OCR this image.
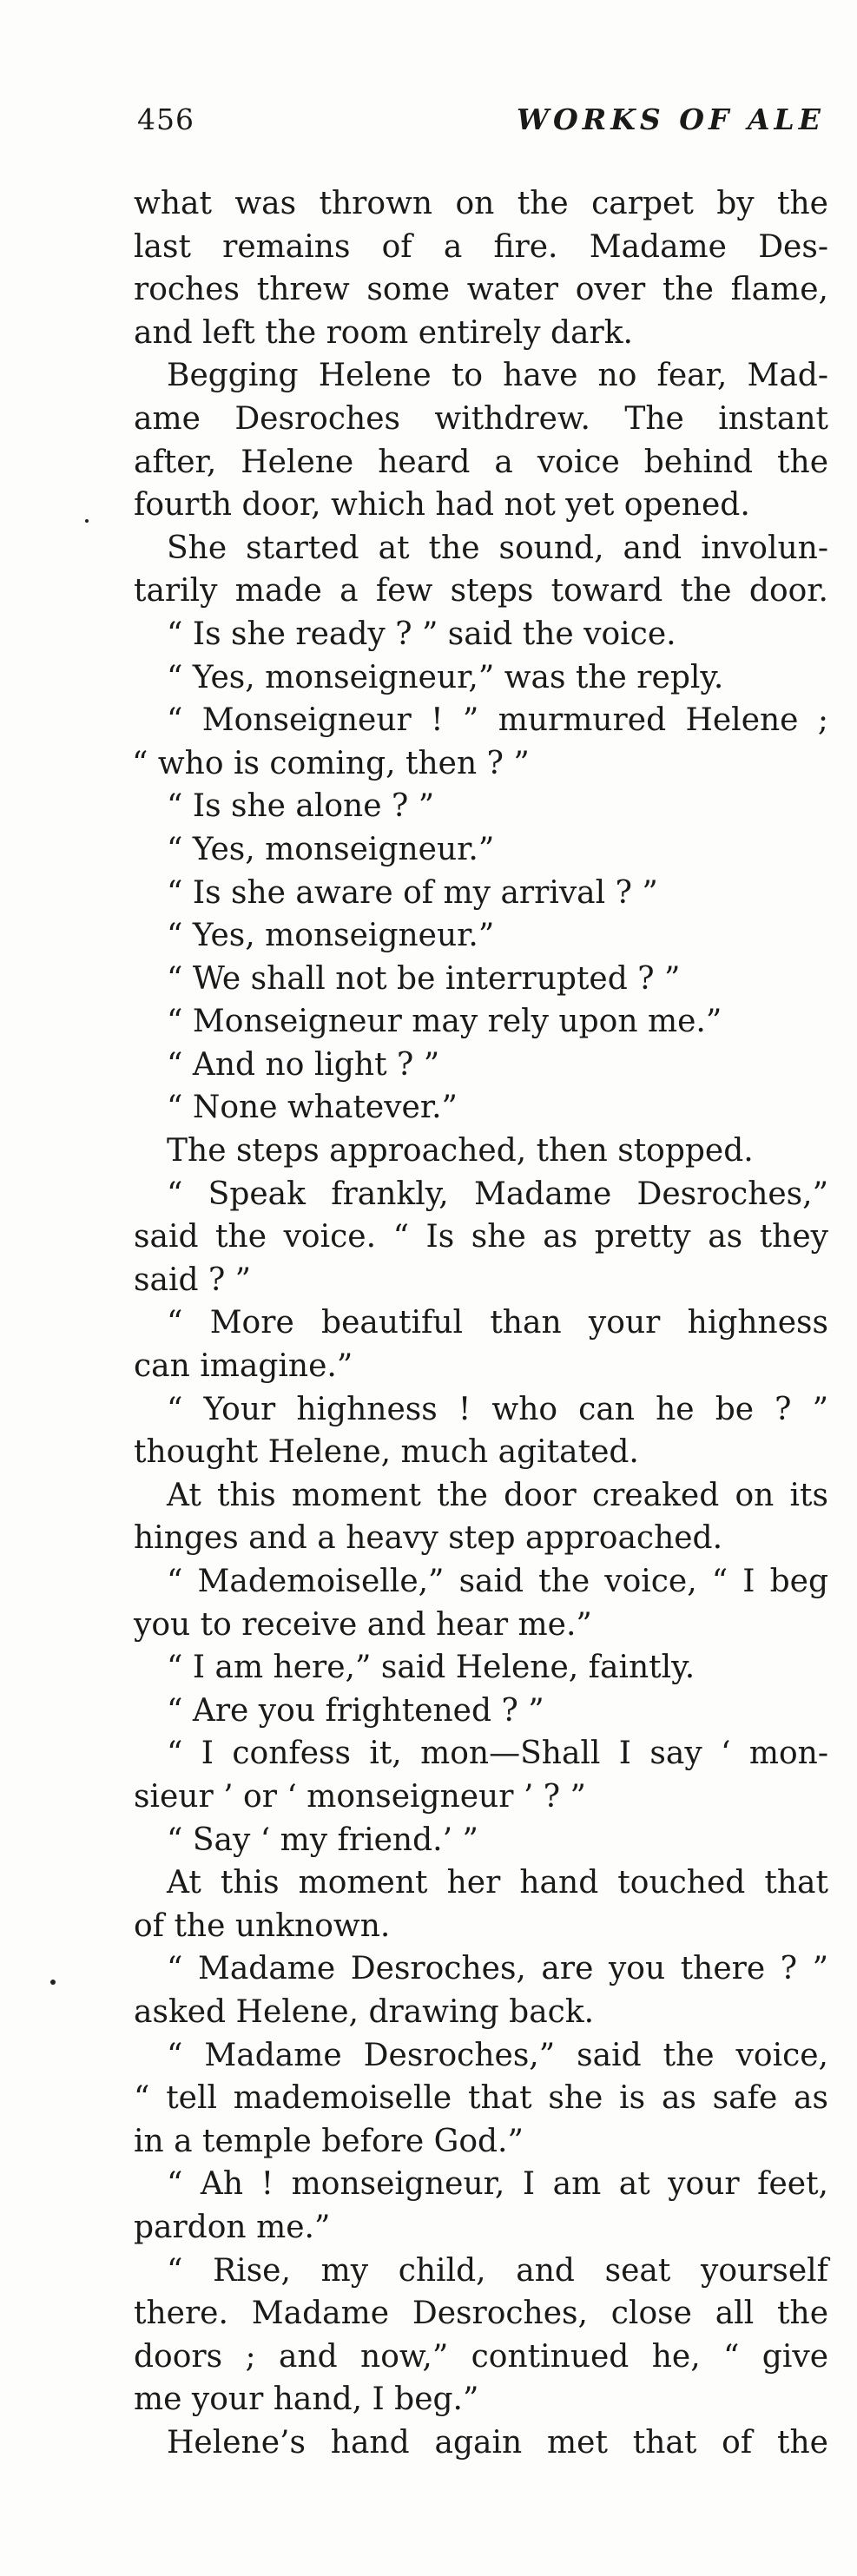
456	WORKS OF ALE
what was thrown on the carpet by the
last remains of a fire. Madame Des-
roches threw some water over the flame,
and left the room entirely dark.
Begging Helene to have no fear, Mad-
ame Desroches withdrew. The instant
after, Helene heard a voice behind the
fourth door, which had not yet opened.
She started at the sound, and involun-
tarily made a few steps toward the door.
“ Is she ready ? ” said the voice.
“ Yes, monseigneur,” was the reply.
“ Monseigneur ! ” murmured Helene ;
“ who is coming, then ? ”
“ Is she alone ? ”
“ Yes, monseigneur.”
“ Is she aware of my arrival ? ”
“ Yes, monseigneur.”
“ We shall not be interrupted ? ”
“ Monseigneur may rely upon me.”
“ And no light ? ”
“ None whatever.”
The steps approached, then stopped.
“ Speak frankly, Madame Desroches,”
said the voice. “ Is she as pretty as they
said ? ”
“ More beautiful than your highness
can imagine.”
“ Your highness ! who can he be ? ”
thought Helene, much agitated.
At this moment the door creaked on its
hinges and a heavy step approached.
“ Mademoiselle,” said the voice, “ I beg
you to receive and hear me.”
“ I am here,” said Helene, faintly.
“ Are you frightened ? ”
“ I confess it, mon—Shall I say ‘ mon-
sieur ’ or ‘ monseigneur ’ ? ”
“ Say ‘ my friend.’ ”
At this moment her hand touched that
of the unknown.
“ Madame Desroches, are you there ? ”
asked Helene, drawing back.
“ Madame Desroches,” said the voice,
“ tell mademoiselle that she is as safe as
in a temple before God.”
“ Ah ! monseigneur, I am at your feet,
pardon me.”
“ Rise, my child, and seat yourself
there. Madame Desroches, close all the
doors ; and now,” continued he, “ give
me your hand, I beg.”
Helene’s hand again met that of the
